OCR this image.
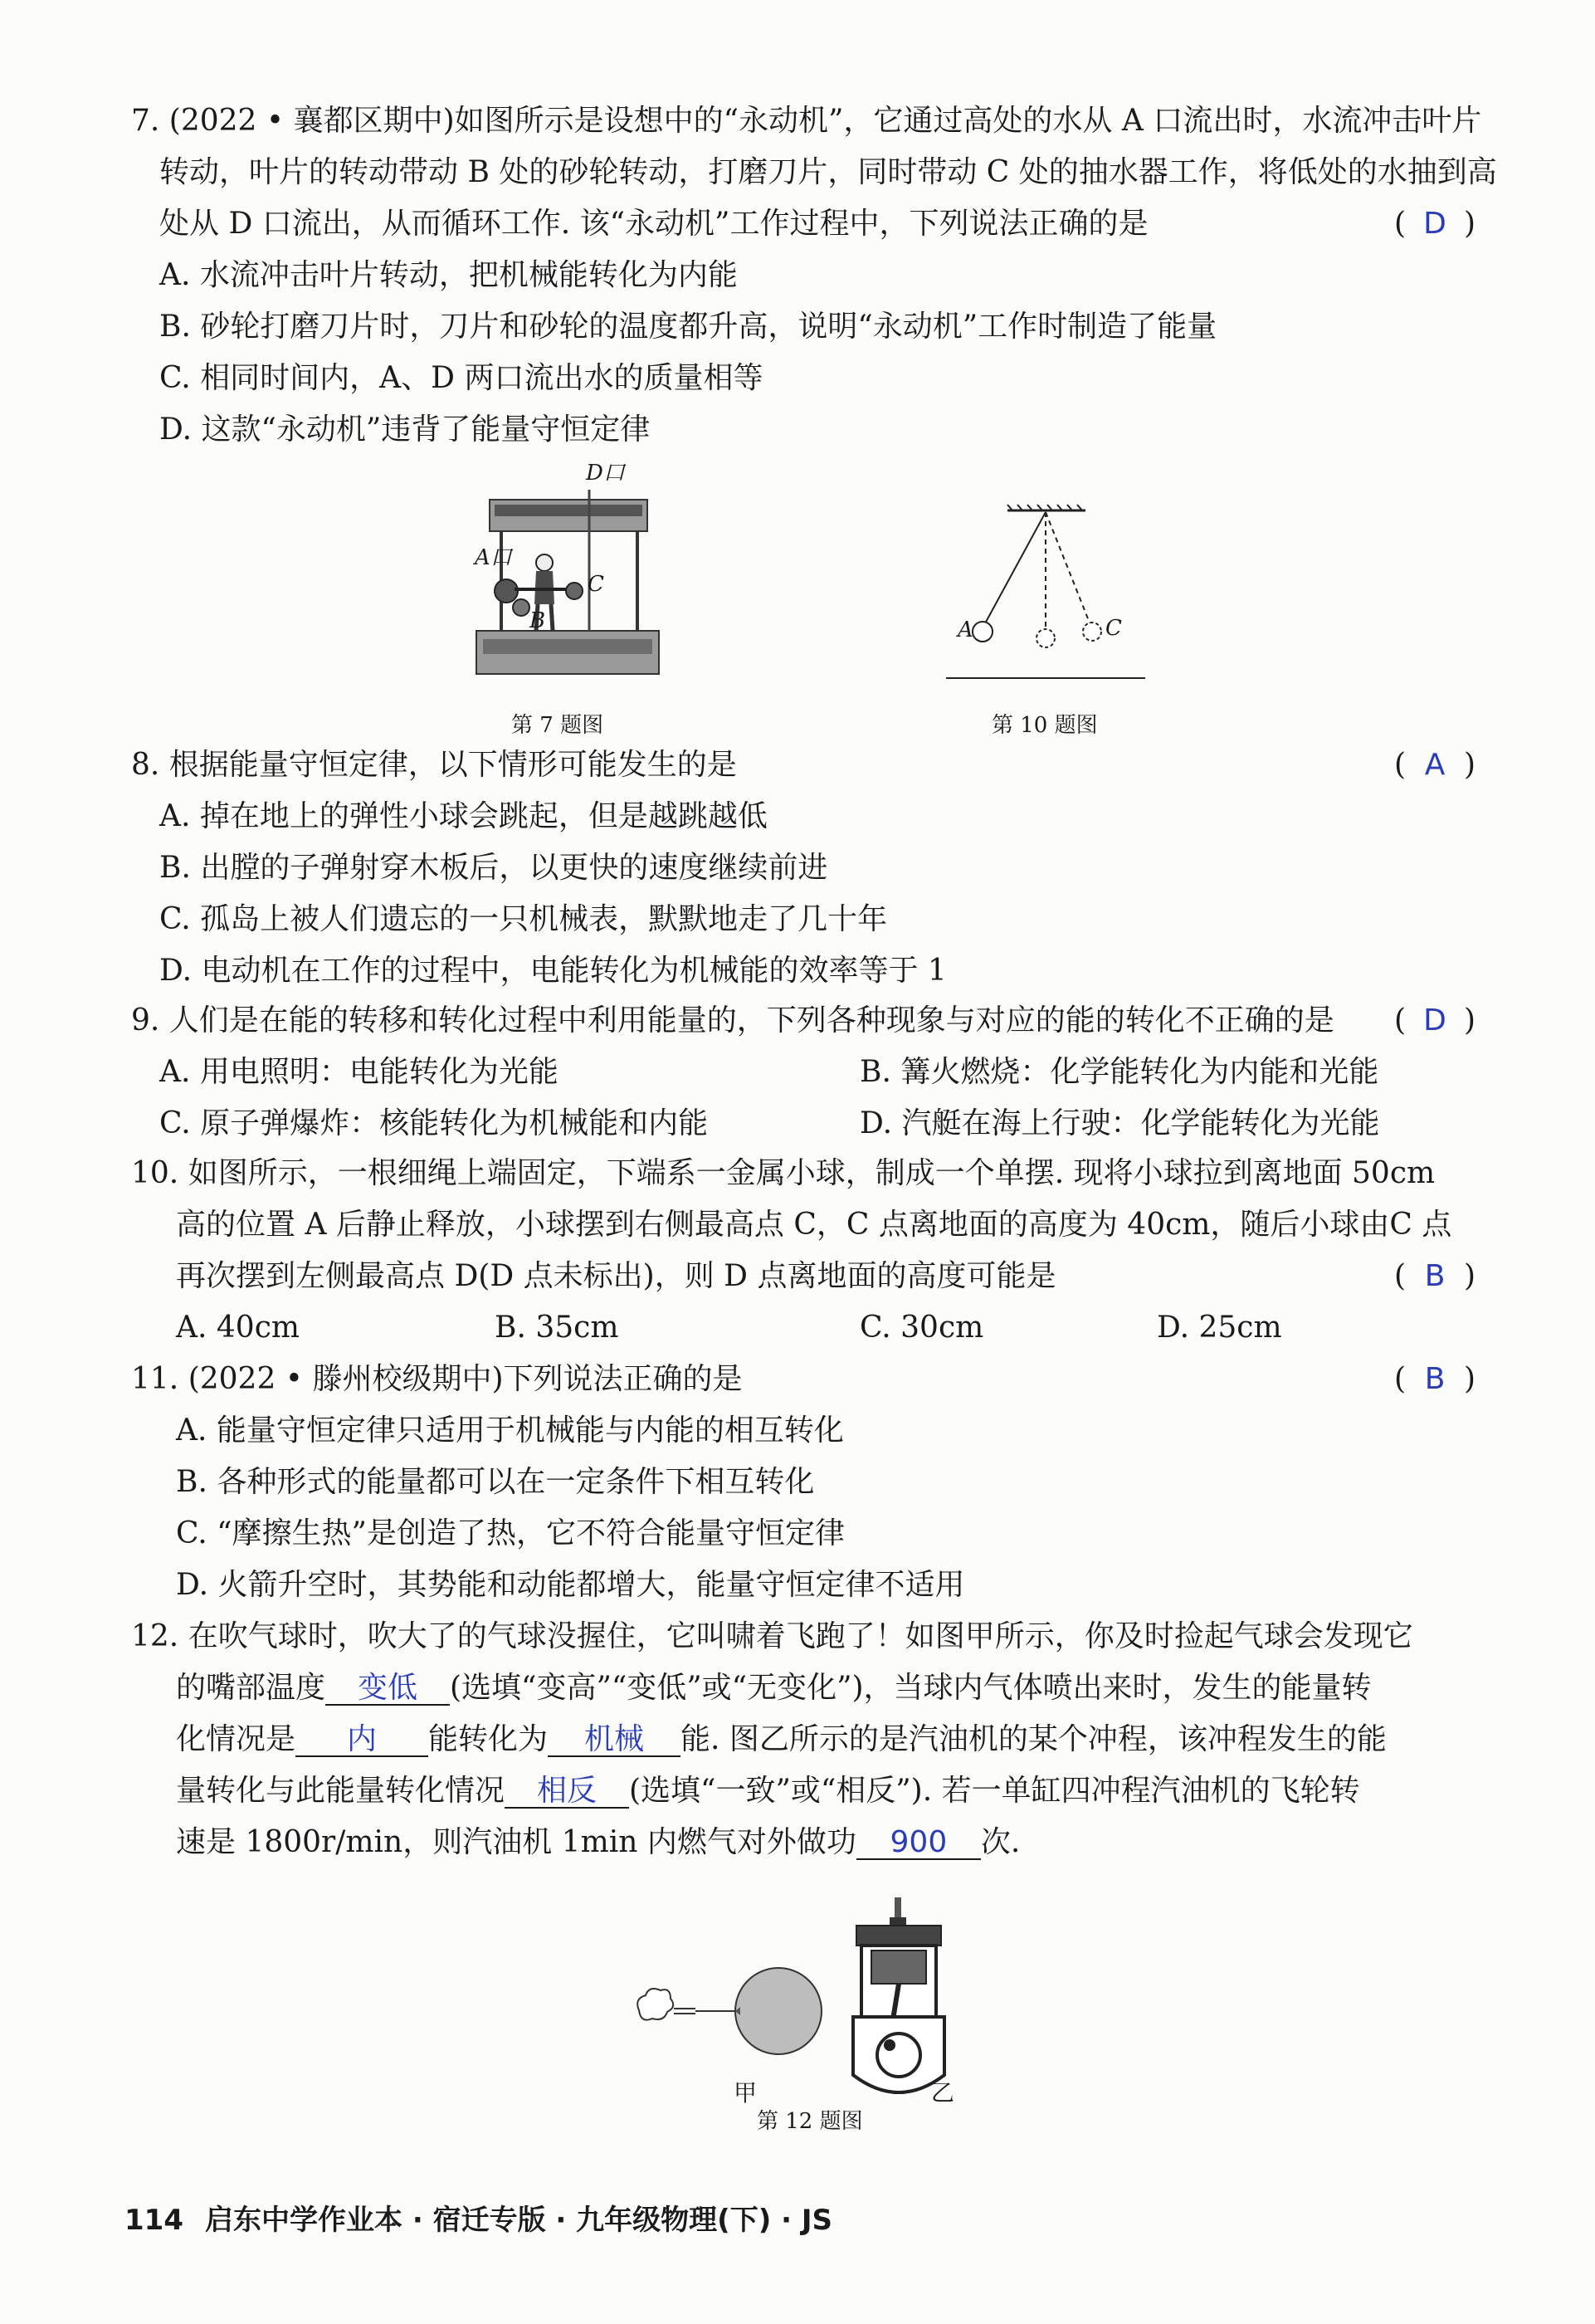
7. (2022 • 襄都区期中)如图所示是设想中的“永动机”，它通过高处的水从 A 口流出时，水流冲击叶片
转动，叶片的转动带动 B 处的砂轮转动，打磨刀片，同时带动 C 处的抽水器工作，将低处的水抽到高
处从 D 口流出，从而循环工作. 该“永动机”工作过程中，下列说法正确的是	( D )
A. 水流冲击叶片转动，把机械能转化为内能
B. 砂轮打磨刀片时，刀片和砂轮的温度都升高，说明“永动机”工作时制造了能量
C. 相同时间内，A、D 两口流出水的质量相等
D. 这款“永动机”违背了能量守恒定律
D口
A口
B
C
第 7 题图
A	C
第 10 题图
8. 根据能量守恒定律，以下情形可能发生的是	( A )
A. 掉在地上的弹性小球会跳起，但是越跳越低
B. 出膛的子弹射穿木板后，以更快的速度继续前进
C. 孤岛上被人们遗忘的一只机械表，默默地走了几十年
D. 电动机在工作的过程中，电能转化为机械能的效率等于 1
9. 人们是在能的转移和转化过程中利用能量的，下列各种现象与对应的能的转化不正确的是 ( D )
A. 用电照明：电能转化为光能	B. 篝火燃烧：化学能转化为内能和光能
C. 原子弹爆炸：核能转化为机械能和内能	D. 汽艇在海上行驶：化学能转化为光能
10. 如图所示，一根细绳上端固定，下端系一金属小球，制成一个单摆. 现将小球拉到离地面 50cm
高的位置 A 后静止释放，小球摆到右侧最高点 C，C 点离地面的高度为 40cm，随后小球由C 点
再次摆到左侧最高点 D(D 点未标出)，则 D 点离地面的高度可能是	( B )
A. 40cm	B. 35cm	C. 30cm	D. 25cm
11. (2022 • 滕州校级期中)下列说法正确的是	( B )
A. 能量守恒定律只适用于机械能与内能的相互转化
B. 各种形式的能量都可以在一定条件下相互转化
C. “摩擦生热”是创造了热，它不符合能量守恒定律
D. 火箭升空时，其势能和动能都增大，能量守恒定律不适用
12. 在吹气球时，吹大了的气球没握住，它叫啸着飞跑了！如图甲所示，你及时捡起气球会发现它
的嘴部温度 变低 (选填“变高”“变低”或“无变化”)，当球内气体喷出来时，发生的能量转
化情况是 内 能转化为 机械 能. 图乙所示的是汽油机的某个冲程，该冲程发生的能
量转化与此能量转化情况 相反 (选填“一致”或“相反”). 若一单缸四冲程汽油机的飞轮转
速是 1800r/min，则汽油机 1min 内燃气对外做功 900 次.
甲	乙
第 12 题图
114 启东中学作业本 · 宿迁专版 · 九年级物理(下) · JS
